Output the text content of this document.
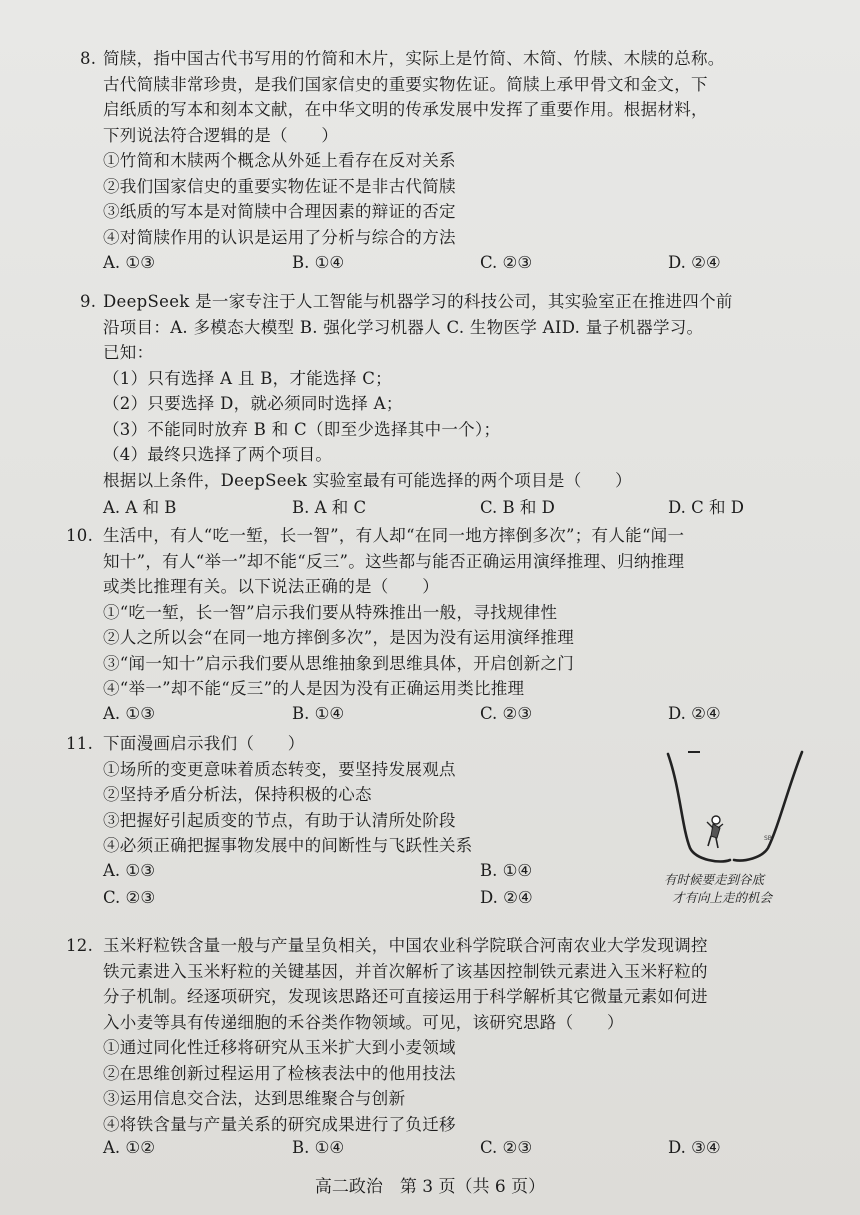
8. 简牍，指中国古代书写用的竹简和木片，实际上是竹简、木简、竹牍、木牍的总称。
古代简牍非常珍贵，是我们国家信史的重要实物佐证。简牍上承甲骨文和金文，下
启纸质的写本和刻本文献，在中华文明的传承发展中发挥了重要作用。根据材料，
下列说法符合逻辑的是（　　）
①竹简和木牍两个概念从外延上看存在反对关系
②我们国家信史的重要实物佐证不是非古代简牍
③纸质的写本是对简牍中合理因素的辩证的否定
④对简牍作用的认识是运用了分析与综合的方法
A. ①③	B. ①④	C. ②③	D. ②④
9. DeepSeek 是一家专注于人工智能与机器学习的科技公司，其实验室正在推进四个前
沿项目：A. 多模态大模型 B. 强化学习机器人 C. 生物医学 AID. 量子机器学习。
已知：
（1）只有选择 A 且 B，才能选择 C；
（2）只要选择 D，就必须同时选择 A；
（3）不能同时放弃 B 和 C（即至少选择其中一个）；
（4）最终只选择了两个项目。
根据以上条件，DeepSeek 实验室最有可能选择的两个项目是（　　）
A. A 和 B	B. A 和 C	C. B 和 D	D. C 和 D
10. 生活中，有人“吃一堑，长一智”，有人却“在同一地方摔倒多次”；有人能“闻一
知十”，有人“举一”却不能“反三”。这些都与能否正确运用演绎推理、归纳推理
或类比推理有关。以下说法正确的是（　　）
①“吃一堑，长一智”启示我们要从特殊推出一般，寻找规律性
②人之所以会“在同一地方摔倒多次”，是因为没有运用演绎推理
③“闻一知十”启示我们要从思维抽象到思维具体，开启创新之门
④“举一”却不能“反三”的人是因为没有正确运用类比推理
A. ①③	B. ①④	C. ②③	D. ②④
11. 下面漫画启示我们（　　）
①场所的变更意味着质态转变，要坚持发展观点
②坚持矛盾分析法，保持积极的心态
③把握好引起质变的节点，有助于认清所处阶段
④必须正确把握事物发展中的间断性与飞跃性关系
A. ①③	B. ①④
C. ②③	D. ②④
SB
有时候要走到谷底
才有向上走的机会
12. 玉米籽粒铁含量一般与产量呈负相关，中国农业科学院联合河南农业大学发现调控
铁元素进入玉米籽粒的关键基因，并首次解析了该基因控制铁元素进入玉米籽粒的
分子机制。经逐项研究，发现该思路还可直接运用于科学解析其它微量元素如何进
入小麦等具有传递细胞的禾谷类作物领域。可见，该研究思路（　　）
①通过同化性迁移将研究从玉米扩大到小麦领域
②在思维创新过程运用了检核表法中的他用技法
③运用信息交合法，达到思维聚合与创新
④将铁含量与产量关系的研究成果进行了负迁移
A. ①②	B. ①④	C. ②③	D. ③④
高二政治　第 3 页（共 6 页）
